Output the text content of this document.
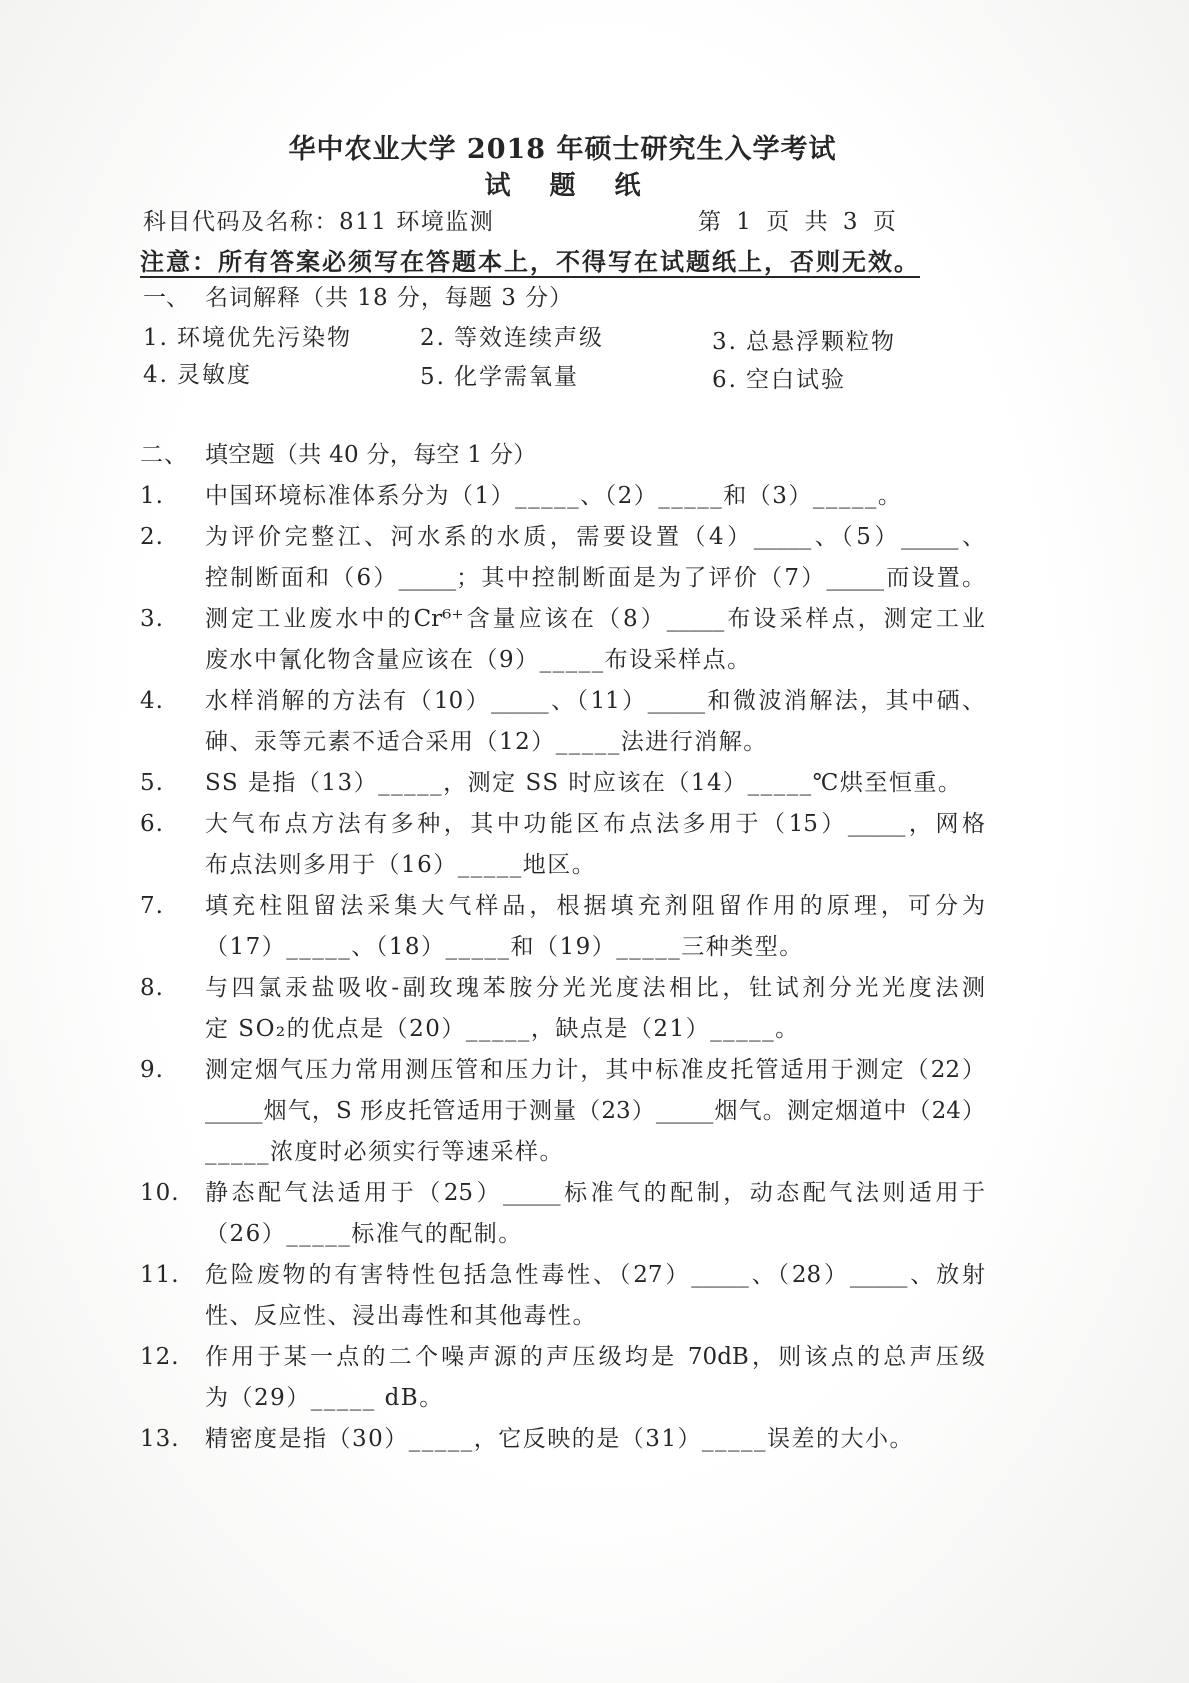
华中农业大学 2018 年硕士研究生入学考试
试 题 纸
科目代码及名称：811 环境监测	第 1 页 共 3 页
注意：所有答案必须写在答题本上，不得写在试题纸上，否则无效。
一、 名词解释（共 18 分，每题 3 分）
1. 环境优先污染物	2. 等效连续声级	3. 总悬浮颗粒物
4. 灵敏度	5. 化学需氧量	6. 空白试验
二、 填空题（共 40 分，每空 1 分）
1.	中国环境标准体系分为（1）_____、（2）_____和（3）_____。
2.	为评价完整江、河水系的水质，需要设置（4）_____、（5）_____、
控制断面和（6）_____；其中控制断面是为了评价（7）_____而设置。
3.	测定工业废水中的Cr⁶⁺含量应该在（8）_____布设采样点，测定工业
废水中氰化物含量应该在（9）_____布设采样点。
4.	水样消解的方法有（10）_____、（11）_____和微波消解法，其中硒、
砷、汞等元素不适合采用（12）_____法进行消解。
5.	SS 是指（13）_____，测定 SS 时应该在（14）_____℃烘至恒重。
6.	大气布点方法有多种，其中功能区布点法多用于（15）_____，网格
布点法则多用于（16）_____地区。
7.	填充柱阻留法采集大气样品，根据填充剂阻留作用的原理，可分为
（17）_____、（18）_____和（19）_____三种类型。
8.	与四氯汞盐吸收-副玫瑰苯胺分光光度法相比，钍试剂分光光度法测
定 SO₂的优点是（20）_____，缺点是（21）_____。
9.	测定烟气压力常用测压管和压力计，其中标准皮托管适用于测定（22）
_____烟气，S 形皮托管适用于测量（23）_____烟气。测定烟道中（24）
_____浓度时必须实行等速采样。
10.	静态配气法适用于（25）_____标准气的配制，动态配气法则适用于
（26）_____标准气的配制。
11.	危险废物的有害特性包括急性毒性、（27）_____、（28）_____、放射
性、反应性、浸出毒性和其他毒性。
12.	作用于某一点的二个噪声源的声压级均是 70dB，则该点的总声压级
为（29）_____ dB。
13.	精密度是指（30）_____，它反映的是（31）_____误差的大小。
